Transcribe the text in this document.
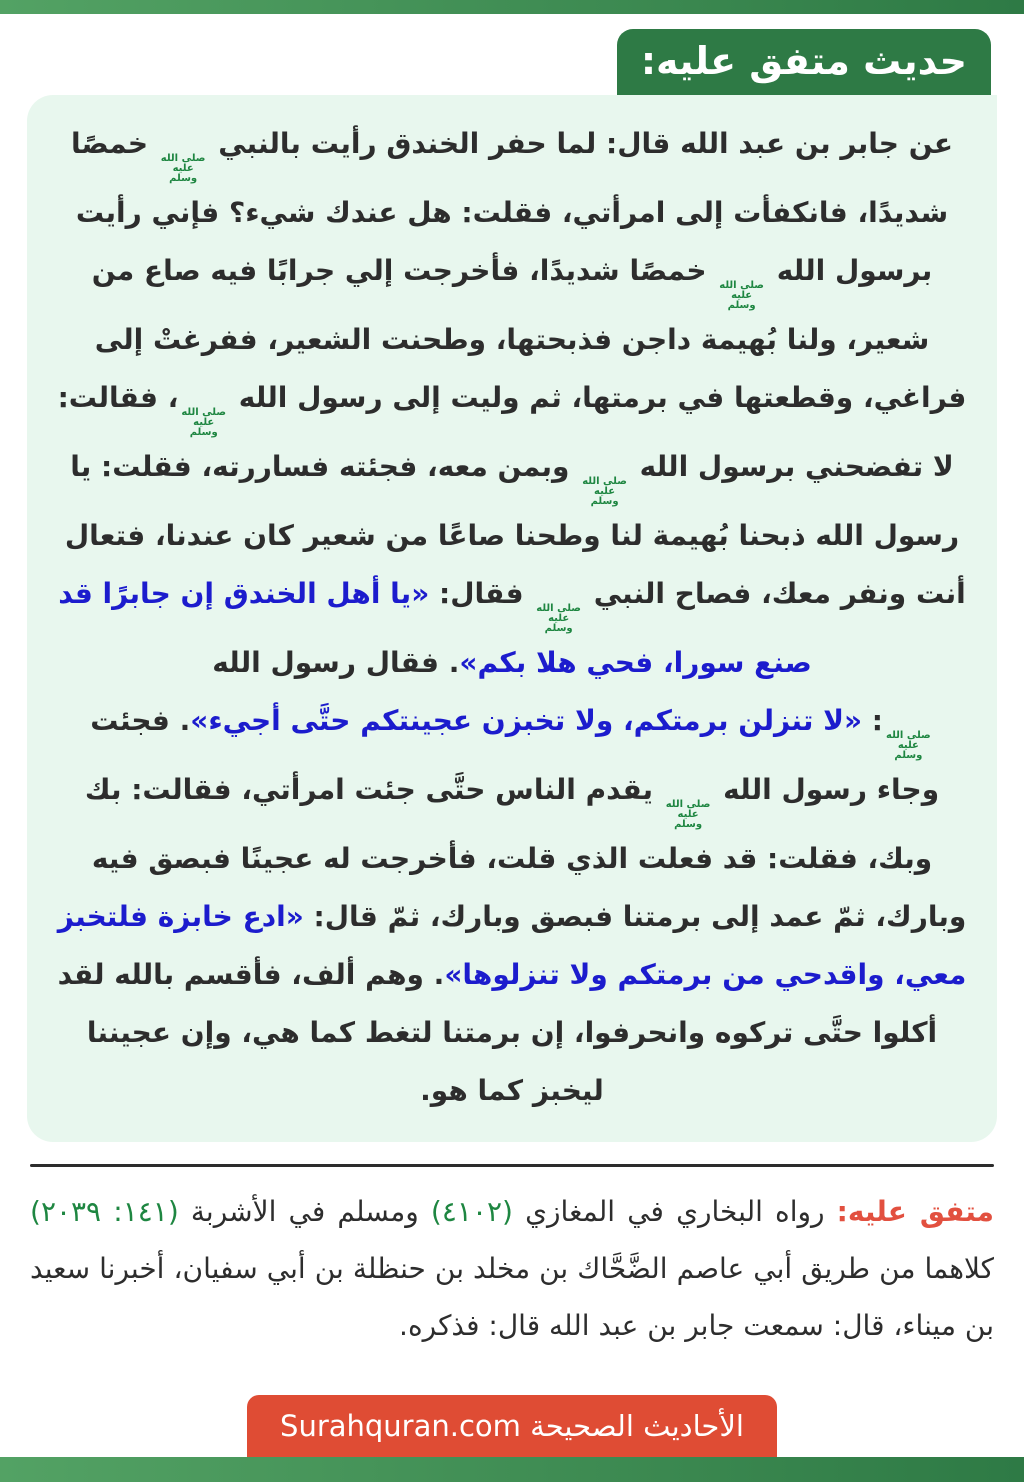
حديث متفق عليه:

عن جابر بن عبد الله قال: لما حفر الخندق رأيت بالنبي
صلى الله
عليه
وسلم
خمصًا شديدًا، فانكفأت إلى امرأتي، فقلت: هل عندك شيء؟ فإني رأيت برسول الله
صلى الله
عليه
وسلم
خمصًا شديدًا، فأخرجت إلي جرابًا فيه صاع من شعير، ولنا بُهيمة داجن فذبحتها، وطحنت الشعير، ففرغتْ إلى فراغي، وقطعتها في برمتها، ثم وليت إلى رسول الله
صلى الله
عليه
وسلم
، فقالت: لا تفضحني برسول الله
صلى الله
عليه
وسلم
وبمن معه، فجئته فساررته، فقلت: يا رسول الله ذبحنا بُهيمة لنا وطحنا صاعًا من شعير كان عندنا، فتعال أنت ونفر معك، فصاح النبي
صلى الله
عليه
وسلم
فقال: «يا أهل الخندق إن جابرًا قد صنع سورا، فحي هلا بكم». فقال رسول الله

صلى الله
عليه
وسلم
: «لا تنزلن برمتكم، ولا تخبزن عجينتكم حتَّى أجيء». فجئت وجاء رسول الله
صلى الله
عليه
وسلم
يقدم الناس حتَّى جئت امرأتي، فقالت: بك وبك، فقلت: قد فعلت الذي قلت، فأخرجت له عجينًا فبصق فيه وبارك، ثمّ عمد إلى برمتنا فبصق وبارك، ثمّ قال: «ادع خابزة فلتخبز معي، واقدحي من برمتكم ولا تنزلوها». وهم ألف، فأقسم بالله لقد أكلوا حتَّى تركوه وانحرفوا، إن برمتنا لتغط كما هي، وإن عجيننا ليخبز كما هو.

متفق عليه: رواه البخاري في المغازي (٤١٠٢) ومسلم في الأشربة (١٤١: ٢٠٣٩) كلاهما من طريق أبي عاصم الضَّحَّاك بن مخلد بن حنظلة بن أبي سفيان، أخبرنا سعيد بن ميناء، قال: سمعت جابر بن عبد الله قال: فذكره.

الأحاديث الصحيحة Surahquran.com
